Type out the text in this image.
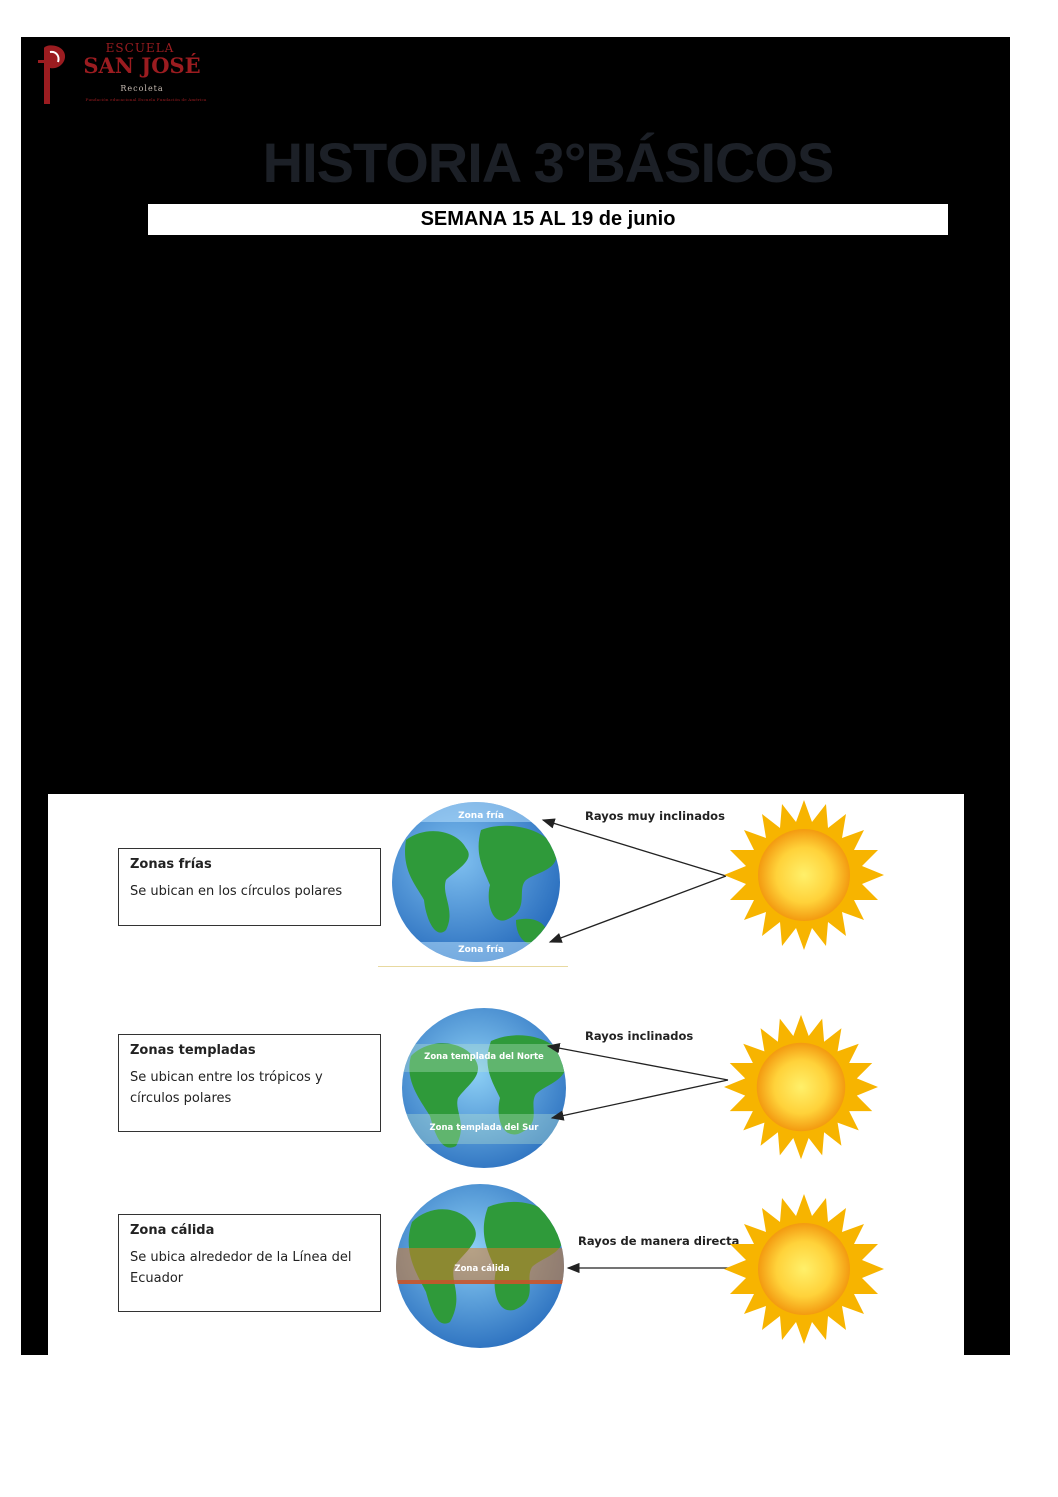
ESCUELA
SAN JOSÉ
Recoleta
Fundación educacional Escuela Fundación de América
HISTORIA 3°BÁSICOS
SEMANA 15 AL 19 de junio
Zonas frías
Se ubican en los círculos polares
Zonas templadas
Se ubican entre los trópicos y círculos polares
Zona cálida
Se ubica alrededor de la Línea del Ecuador
Zona fría
Zona fría
Zona templada del Norte
Zona templada del Sur
Zona cálida
Rayos muy inclinados
Rayos inclinados
Rayos de manera directa
